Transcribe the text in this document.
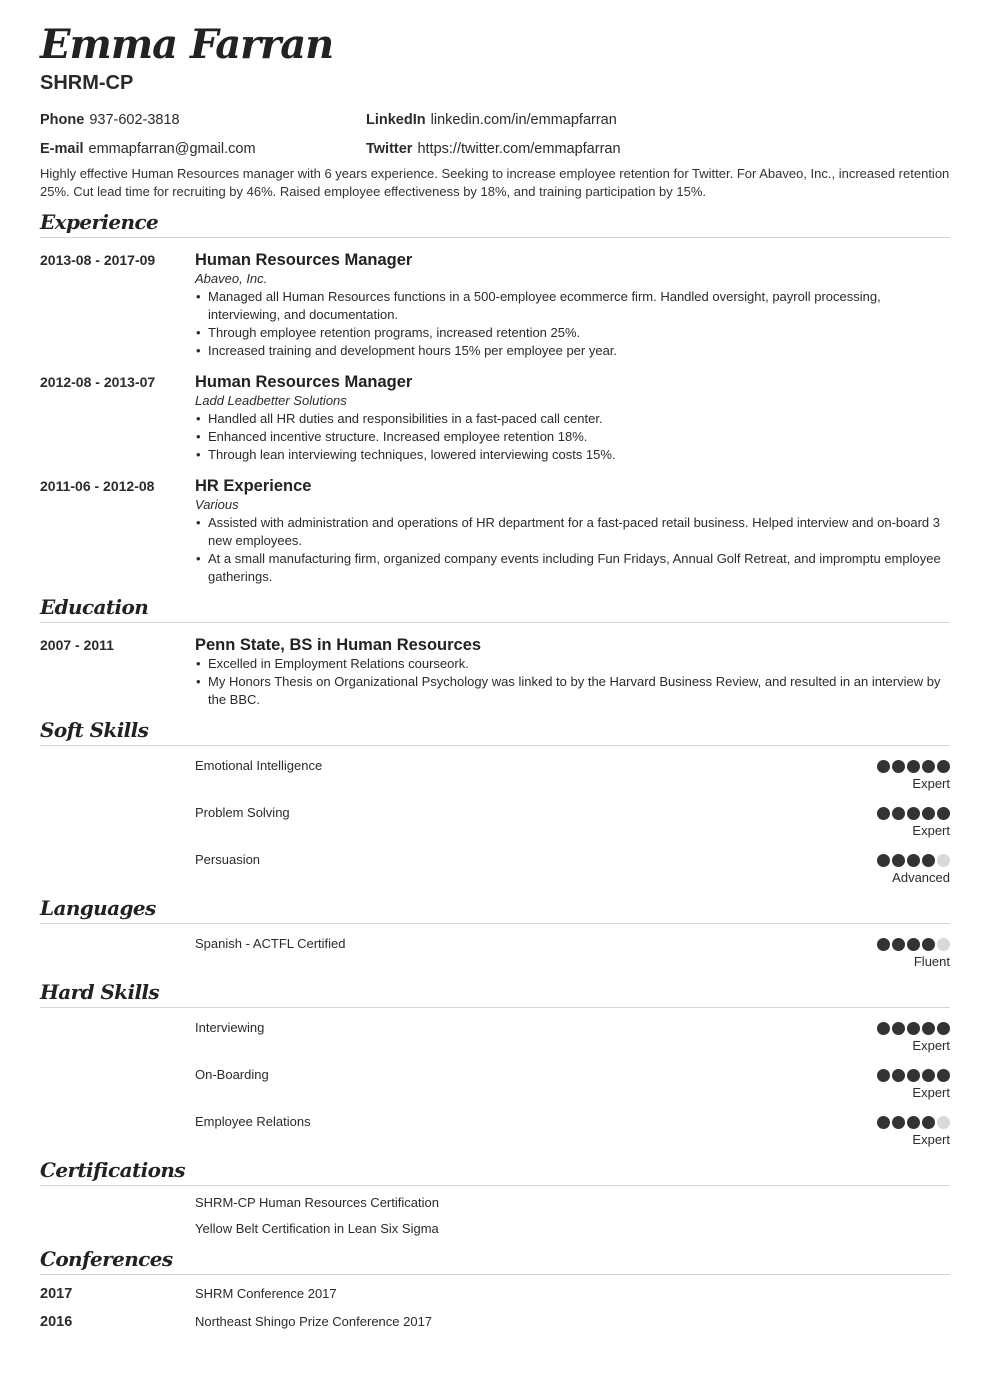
Emma Farran
SHRM-CP
Phone 937-602-3818	LinkedIn linkedin.com/in/emmapfarran
E-mail emmapfarran@gmail.com	Twitter https://twitter.com/emmapfarran
Highly effective Human Resources manager with 6 years experience. Seeking to increase employee retention for Twitter. For Abaveo, Inc., increased retention 25%. Cut lead time for recruiting by 46%. Raised employee effectiveness by 18%, and training participation by 15%.
Experience
2013-08 - 2017-09	Human Resources Manager
Abaveo, Inc.
• Managed all Human Resources functions in a 500-employee ecommerce firm. Handled oversight, payroll processing, interviewing, and documentation.
• Through employee retention programs, increased retention 25%.
• Increased training and development hours 15% per employee per year.
2012-08 - 2013-07	Human Resources Manager
Ladd Leadbetter Solutions
• Handled all HR duties and responsibilities in a fast-paced call center.
• Enhanced incentive structure. Increased employee retention 18%.
• Through lean interviewing techniques, lowered interviewing costs 15%.
2011-06 - 2012-08	HR Experience
Various
• Assisted with administration and operations of HR department for a fast-paced retail business. Helped interview and on-board 3 new employees.
• At a small manufacturing firm, organized company events including Fun Fridays, Annual Golf Retreat, and impromptu employee gatherings.
Education
2007 - 2011	Penn State, BS in Human Resources
• Excelled in Employment Relations courseork.
• My Honors Thesis on Organizational Psychology was linked to by the Harvard Business Review, and resulted in an interview by the BBC.
Soft Skills
Emotional Intelligence
Expert
Problem Solving
Expert
Persuasion
Advanced
Languages
Spanish - ACTFL Certified
Fluent
Hard Skills
Interviewing
Expert
On-Boarding
Expert
Employee Relations
Expert
Certifications
SHRM-CP Human Resources Certification
Yellow Belt Certification in Lean Six Sigma
Conferences
2017	SHRM Conference 2017
2016	Northeast Shingo Prize Conference 2017
